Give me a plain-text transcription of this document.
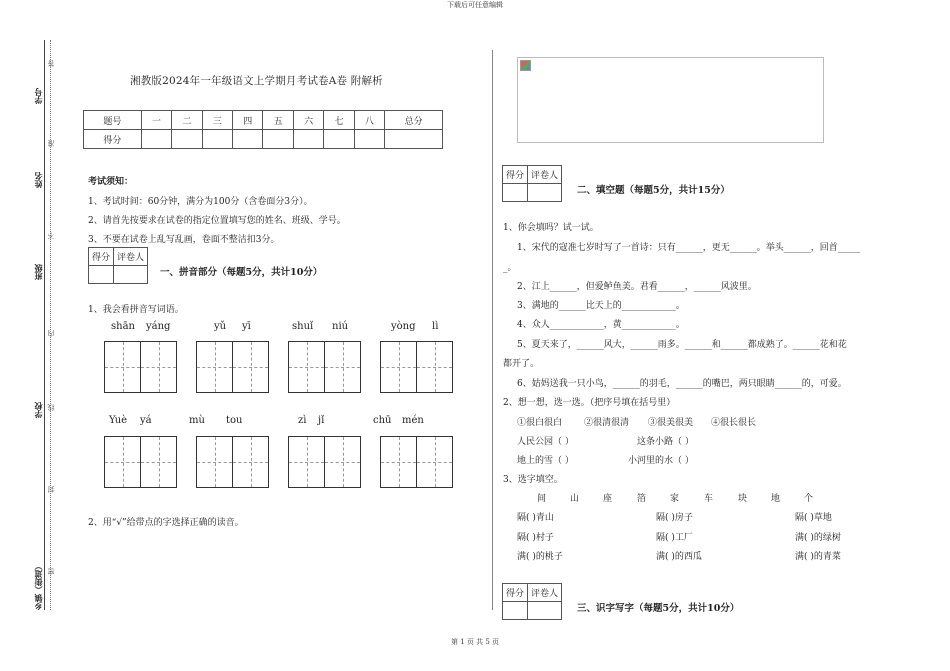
下载后可任意编辑
第 1 页 共 5 页
学号
姓名
班级
学校
乡镇（街道）
答
准
不
内
线
封
密
湘教版2024年一年级语文上学期月考试卷A卷 附解析
题号	一	二	三	四	五	六	七	八	总分
得分									
考试须知：
1、考试时间：60分钟，满分为100分（含卷面分3分）。
2、请首先按要求在试卷的指定位置填写您的姓名、班级、学号。
3、不要在试卷上乱写乱画，卷面不整洁扣3分。
得分	评卷人

一、拼音部分（每题5分，共计10分）
1、我会看拼音写词语。
shān yáng	yǔ yī	shuǐ niú	yòng lì
Yuè yá	mù tou	zì jǐ	chū mén
2、用“√”给带点的字选择正确的读音。
得分	评卷人

二、填空题（每题5分，共计15分）
1、你会填吗？试一试。
1、宋代的寇准七岁时写了一首诗：只有______，更无______。举头______，回首_____
_。
2、江上______，但爱鲈鱼美。君看______，______风波里。
3、满地的______比天上的____________。
4、众人____________，黄____________。
5、夏天来了，______风大，______雨多。______和______都成熟了。______花和花
都开了。
6、姑妈送我一只小鸟，______的羽毛，______的嘴巴，两只眼睛______的，可爱。
2、想一想，选一选。（把序号填在括号里）
①很白很白 ②很清很清 ③很美很美 ④很长很长
人民公园（ ）	这条小路（ ）
地上的雪（ ）	小河里的水（ ）
3、选字填空。
间	山	座	箔	家	车	块	地	个
隔( )青山	隔( )房子	隔( )草地
隔( )村子	隔( )工厂	满( )的绿树
满( )的桃子	满( )的西瓜	满( )的青菜
得分	评卷人

三、识字写字（每题5分，共计10分）
